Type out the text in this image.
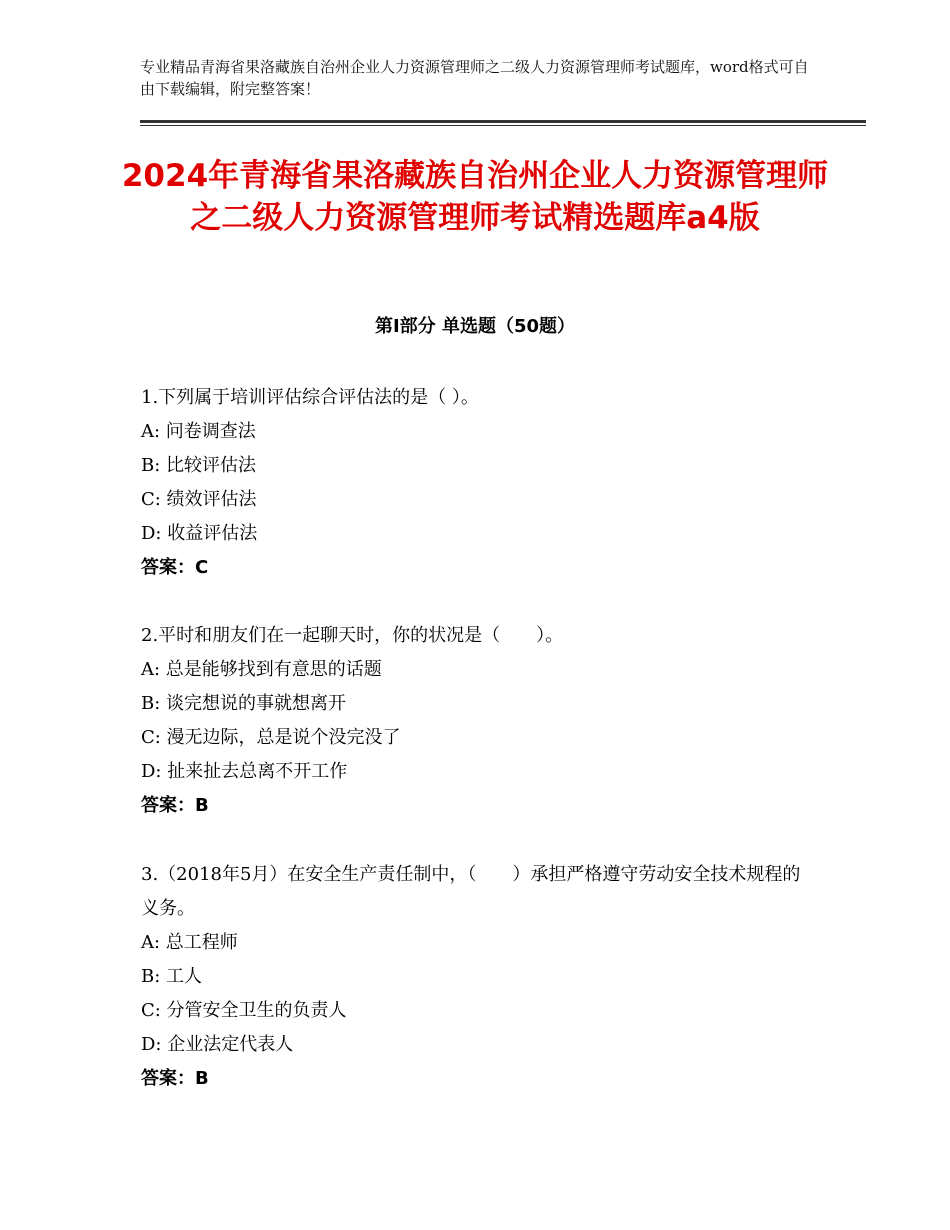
专业精品青海省果洛藏族自治州企业人力资源管理师之二级人力资源管理师考试题库，word格式可自由下载编辑，附完整答案！
2024年青海省果洛藏族自治州企业人力资源管理师之二级人力资源管理师考试精选题库a4版
第Ⅰ部分 单选题（50题）
1.下列属于培训评估综合评估法的是（ ）。
A: 问卷调查法
B: 比较评估法
C: 绩效评估法
D: 收益评估法
答案：C
2.平时和朋友们在一起聊天时，你的状况是（　　）。
A: 总是能够找到有意思的话题
B: 谈完想说的事就想离开
C: 漫无边际，总是说个没完没了
D: 扯来扯去总离不开工作
答案：B
3.（2018年5月）在安全生产责任制中，（　　）承担严格遵守劳动安全技术规程的义务。
A: 总工程师
B: 工人
C: 分管安全卫生的负责人
D: 企业法定代表人
答案：B
